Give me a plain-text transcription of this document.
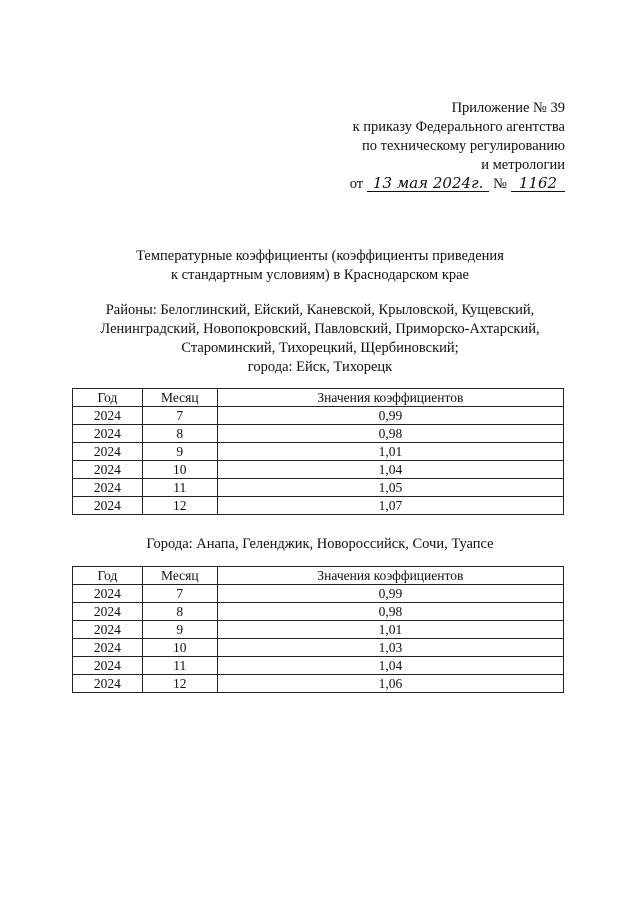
Приложение № 39
к приказу Федерального агентства
по техническому регулированию
и метрологии
от 13 мая 2024г. № 1162
Температурные коэффициенты (коэффициенты приведения
к стандартным условиям) в Краснодарском крае
Районы: Белоглинский, Ейский, Каневской, Крыловской, Кущевский,
Ленинградский, Новопокровский, Павловский, Приморско-Ахтарский,
Староминский, Тихорецкий, Щербиновский;
города: Ейск, Тихорецк
Год	Месяц	Значения коэффициентов
2024	7	0,99
2024	8	0,98
2024	9	1,01
2024	10	1,04
2024	11	1,05
2024	12	1,07
Города: Анапа, Геленджик, Новороссийск, Сочи, Туапсе
Год	Месяц	Значения коэффициентов
2024	7	0,99
2024	8	0,98
2024	9	1,01
2024	10	1,03
2024	11	1,04
2024	12	1,06
